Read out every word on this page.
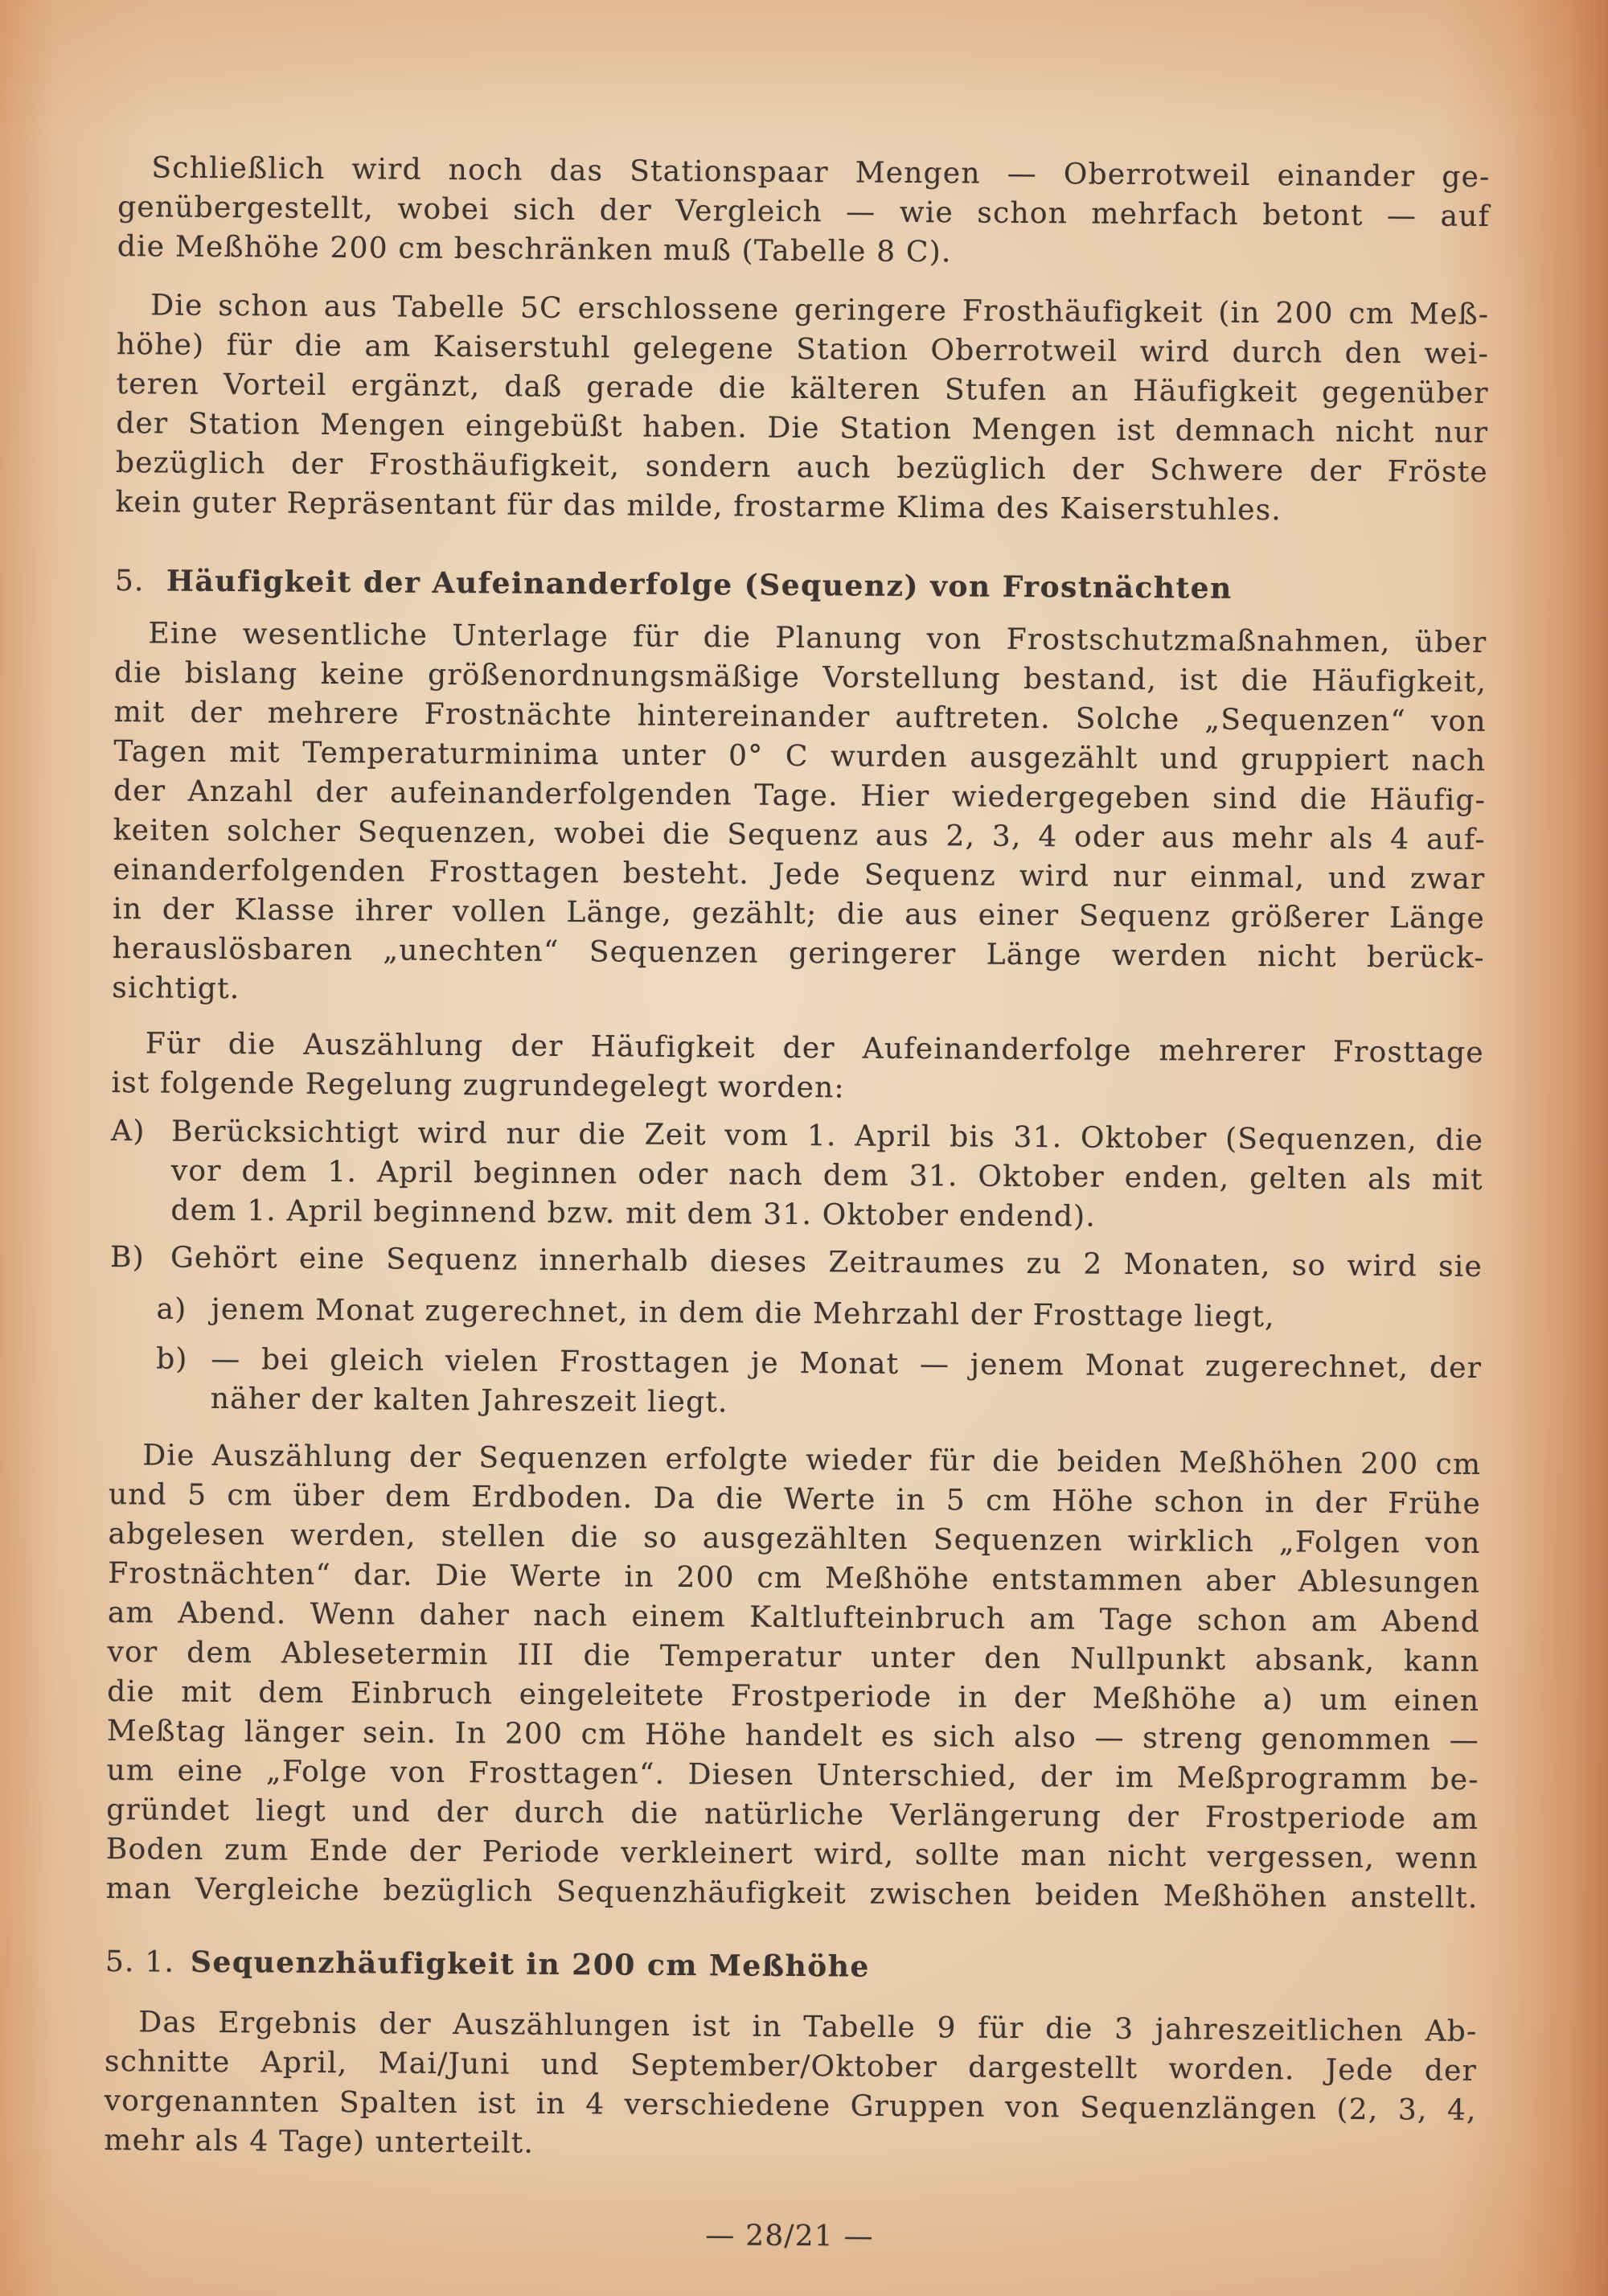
Schließlich wird noch das Stationspaar Mengen — Oberrotweil einander ge-
genübergestellt, wobei sich der Vergleich — wie schon mehrfach betont — auf
die Meßhöhe 200 cm beschränken muß (Tabelle 8 C).
Die schon aus Tabelle 5C erschlossene geringere Frosthäufigkeit (in 200 cm Meß-
höhe) für die am Kaiserstuhl gelegene Station Oberrotweil wird durch den wei-
teren Vorteil ergänzt, daß gerade die kälteren Stufen an Häufigkeit gegenüber
der Station Mengen eingebüßt haben. Die Station Mengen ist demnach nicht nur
bezüglich der Frosthäufigkeit, sondern auch bezüglich der Schwere der Fröste
kein guter Repräsentant für das milde, frostarme Klima des Kaiserstuhles.
5. Häufigkeit der Aufeinanderfolge (Sequenz) von Frostnächten
Eine wesentliche Unterlage für die Planung von Frostschutzmaßnahmen, über
die bislang keine größenordnungsmäßige Vorstellung bestand, ist die Häufigkeit,
mit der mehrere Frostnächte hintereinander auftreten. Solche „Sequenzen“ von
Tagen mit Temperaturminima unter 0° C wurden ausgezählt und gruppiert nach
der Anzahl der aufeinanderfolgenden Tage. Hier wiedergegeben sind die Häufig-
keiten solcher Sequenzen, wobei die Sequenz aus 2, 3, 4 oder aus mehr als 4 auf-
einanderfolgenden Frosttagen besteht. Jede Sequenz wird nur einmal, und zwar
in der Klasse ihrer vollen Länge, gezählt; die aus einer Sequenz größerer Länge
herauslösbaren „unechten“ Sequenzen geringerer Länge werden nicht berück-
sichtigt.
Für die Auszählung der Häufigkeit der Aufeinanderfolge mehrerer Frosttage
ist folgende Regelung zugrundegelegt worden:
A) Berücksichtigt wird nur die Zeit vom 1. April bis 31. Oktober (Sequenzen, die
vor dem 1. April beginnen oder nach dem 31. Oktober enden, gelten als mit
dem 1. April beginnend bzw. mit dem 31. Oktober endend).
B) Gehört eine Sequenz innerhalb dieses Zeitraumes zu 2 Monaten, so wird sie
a) jenem Monat zugerechnet, in dem die Mehrzahl der Frosttage liegt,
b) — bei gleich vielen Frosttagen je Monat — jenem Monat zugerechnet, der
näher der kalten Jahreszeit liegt.
Die Auszählung der Sequenzen erfolgte wieder für die beiden Meßhöhen 200 cm
und 5 cm über dem Erdboden. Da die Werte in 5 cm Höhe schon in der Frühe
abgelesen werden, stellen die so ausgezählten Sequenzen wirklich „Folgen von
Frostnächten“ dar. Die Werte in 200 cm Meßhöhe entstammen aber Ablesungen
am Abend. Wenn daher nach einem Kaltlufteinbruch am Tage schon am Abend
vor dem Ablesetermin III die Temperatur unter den Nullpunkt absank, kann
die mit dem Einbruch eingeleitete Frostperiode in der Meßhöhe a) um einen
Meßtag länger sein. In 200 cm Höhe handelt es sich also — streng genommen —
um eine „Folge von Frosttagen“. Diesen Unterschied, der im Meßprogramm be-
gründet liegt und der durch die natürliche Verlängerung der Frostperiode am
Boden zum Ende der Periode verkleinert wird, sollte man nicht vergessen, wenn
man Vergleiche bezüglich Sequenzhäufigkeit zwischen beiden Meßhöhen anstellt.
5. 1. Sequenzhäufigkeit in 200 cm Meßhöhe
Das Ergebnis der Auszählungen ist in Tabelle 9 für die 3 jahreszeitlichen Ab-
schnitte April, Mai/Juni und September/Oktober dargestellt worden. Jede der
vorgenannten Spalten ist in 4 verschiedene Gruppen von Sequenzlängen (2, 3, 4,
mehr als 4 Tage) unterteilt.
— 28/21 —
